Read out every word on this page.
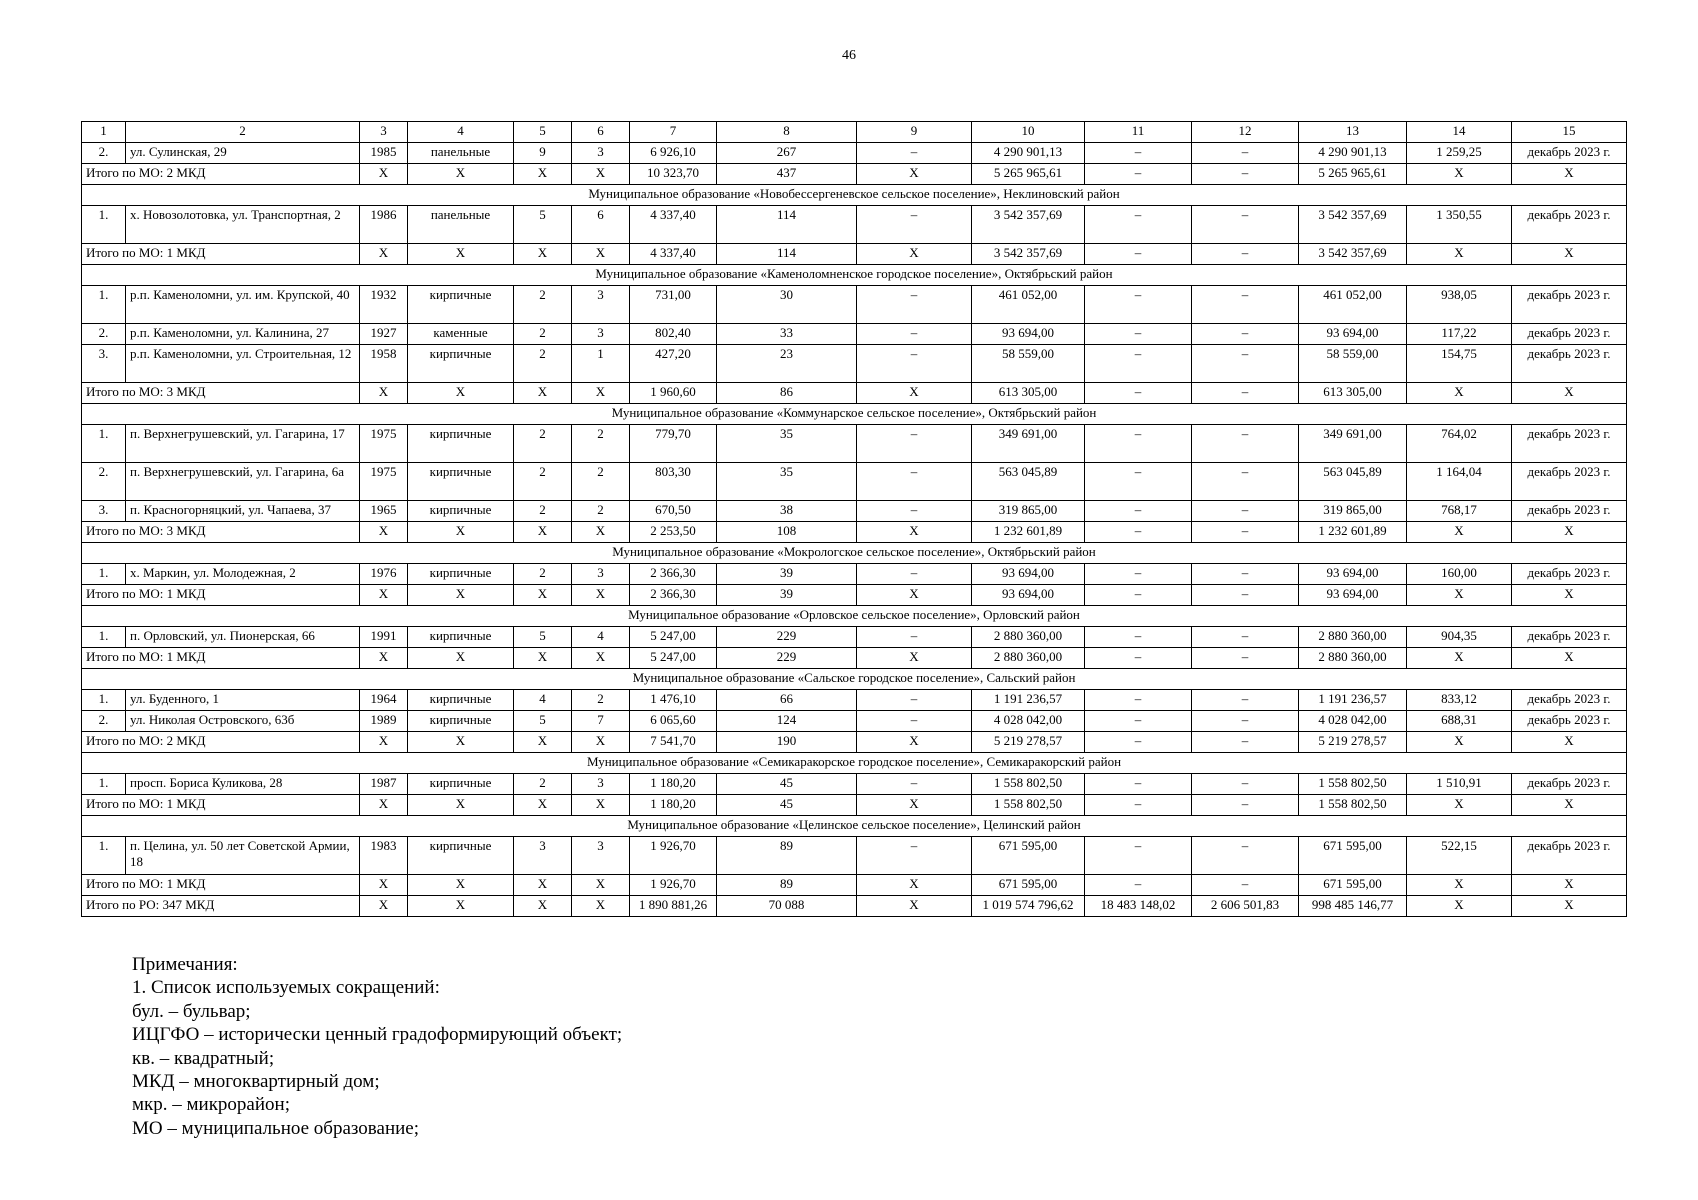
46
1	2	3	4	5	6	7	8	9	10	11	12	13	14	15
2.	ул. Сулинская, 29	1985	панельные	9	3	6 926,10	267	–	4 290 901,13	–	–	4 290 901,13	1 259,25	декабрь 2023 г.
Итого по МО: 2 МКД		Х	Х	Х	Х	10 323,70	437	Х	5 265 965,61	–	–	5 265 965,61	Х	Х
Муниципальное образование «Новобессергеневское сельское поселение», Неклиновский район														
1.	х. Новозолотовка, ул. Транспортная, 2	1986	панельные	5	6	4 337,40	114	–	3 542 357,69	–	–	3 542 357,69	1 350,55	декабрь 2023 г.
Итого по МО: 1 МКД		Х	Х	Х	Х	4 337,40	114	Х	3 542 357,69	–	–	3 542 357,69	Х	Х
Муниципальное образование «Каменоломненское городское поселение», Октябрьский район														
1.	р.п. Каменоломни, ул. им. Крупской, 40	1932	кирпичные	2	3	731,00	30	–	461 052,00	–	–	461 052,00	938,05	декабрь 2023 г.
2.	р.п. Каменоломни, ул. Калинина, 27	1927	каменные	2	3	802,40	33	–	93 694,00	–	–	93 694,00	117,22	декабрь 2023 г.
3.	р.п. Каменоломни, ул. Строительная, 12	1958	кирпичные	2	1	427,20	23	–	58 559,00	–	–	58 559,00	154,75	декабрь 2023 г.
Итого по МО: 3 МКД		Х	Х	Х	Х	1 960,60	86	Х	613 305,00	–	–	613 305,00	Х	Х
Муниципальное образование «Коммунарское сельское поселение», Октябрьский район														
1.	п. Верхнегрушевский, ул. Гагарина, 17	1975	кирпичные	2	2	779,70	35	–	349 691,00	–	–	349 691,00	764,02	декабрь 2023 г.
2.	п. Верхнегрушевский, ул. Гагарина, 6а	1975	кирпичные	2	2	803,30	35	–	563 045,89	–	–	563 045,89	1 164,04	декабрь 2023 г.
3.	п. Красногорняцкий, ул. Чапаева, 37	1965	кирпичные	2	2	670,50	38	–	319 865,00	–	–	319 865,00	768,17	декабрь 2023 г.
Итого по МО: 3 МКД		Х	Х	Х	Х	2 253,50	108	Х	1 232 601,89	–	–	1 232 601,89	Х	Х
Муниципальное образование «Мокрологское сельское поселение», Октябрьский район														
1.	х. Маркин, ул. Молодежная, 2	1976	кирпичные	2	3	2 366,30	39	–	93 694,00	–	–	93 694,00	160,00	декабрь 2023 г.
Итого по МО: 1 МКД		Х	Х	Х	Х	2 366,30	39	Х	93 694,00	–	–	93 694,00	Х	Х
Муниципальное образование «Орловское сельское поселение», Орловский район														
1.	п. Орловский, ул. Пионерская, 66	1991	кирпичные	5	4	5 247,00	229	–	2 880 360,00	–	–	2 880 360,00	904,35	декабрь 2023 г.
Итого по МО: 1 МКД		Х	Х	Х	Х	5 247,00	229	Х	2 880 360,00	–	–	2 880 360,00	Х	Х
Муниципальное образование «Сальское городское поселение», Сальский район														
1.	ул. Буденного, 1	1964	кирпичные	4	2	1 476,10	66	–	1 191 236,57	–	–	1 191 236,57	833,12	декабрь 2023 г.
2.	ул. Николая Островского, 63б	1989	кирпичные	5	7	6 065,60	124	–	4 028 042,00	–	–	4 028 042,00	688,31	декабрь 2023 г.
Итого по МО: 2 МКД		Х	Х	Х	Х	7 541,70	190	Х	5 219 278,57	–	–	5 219 278,57	Х	Х
Муниципальное образование «Семикаракорское городское поселение», Семикаракорский район														
1.	просп. Бориса Куликова, 28	1987	кирпичные	2	3	1 180,20	45	–	1 558 802,50	–	–	1 558 802,50	1 510,91	декабрь 2023 г.
Итого по МО: 1 МКД		Х	Х	Х	Х	1 180,20	45	Х	1 558 802,50	–	–	1 558 802,50	Х	Х
Муниципальное образование «Целинское сельское поселение», Целинский район														
1.	п. Целина, ул. 50 лет Советской Армии, 18	1983	кирпичные	3	3	1 926,70	89	–	671 595,00	–	–	671 595,00	522,15	декабрь 2023 г.
Итого по МО: 1 МКД		Х	Х	Х	Х	1 926,70	89	Х	671 595,00	–	–	671 595,00	Х	Х
Итого по РО: 347 МКД		Х	Х	Х	Х	1 890 881,26	70 088	Х	1 019 574 796,62	18 483 148,02	2 606 501,83	998 485 146,77	Х	Х
Примечания:
1. Список используемых сокращений:
бул. – бульвар;
ИЦГФО – исторически ценный градоформирующий объект;
кв. – квадратный;
МКД – многоквартирный дом;
мкр. – микрорайон;
МО – муниципальное образование;
